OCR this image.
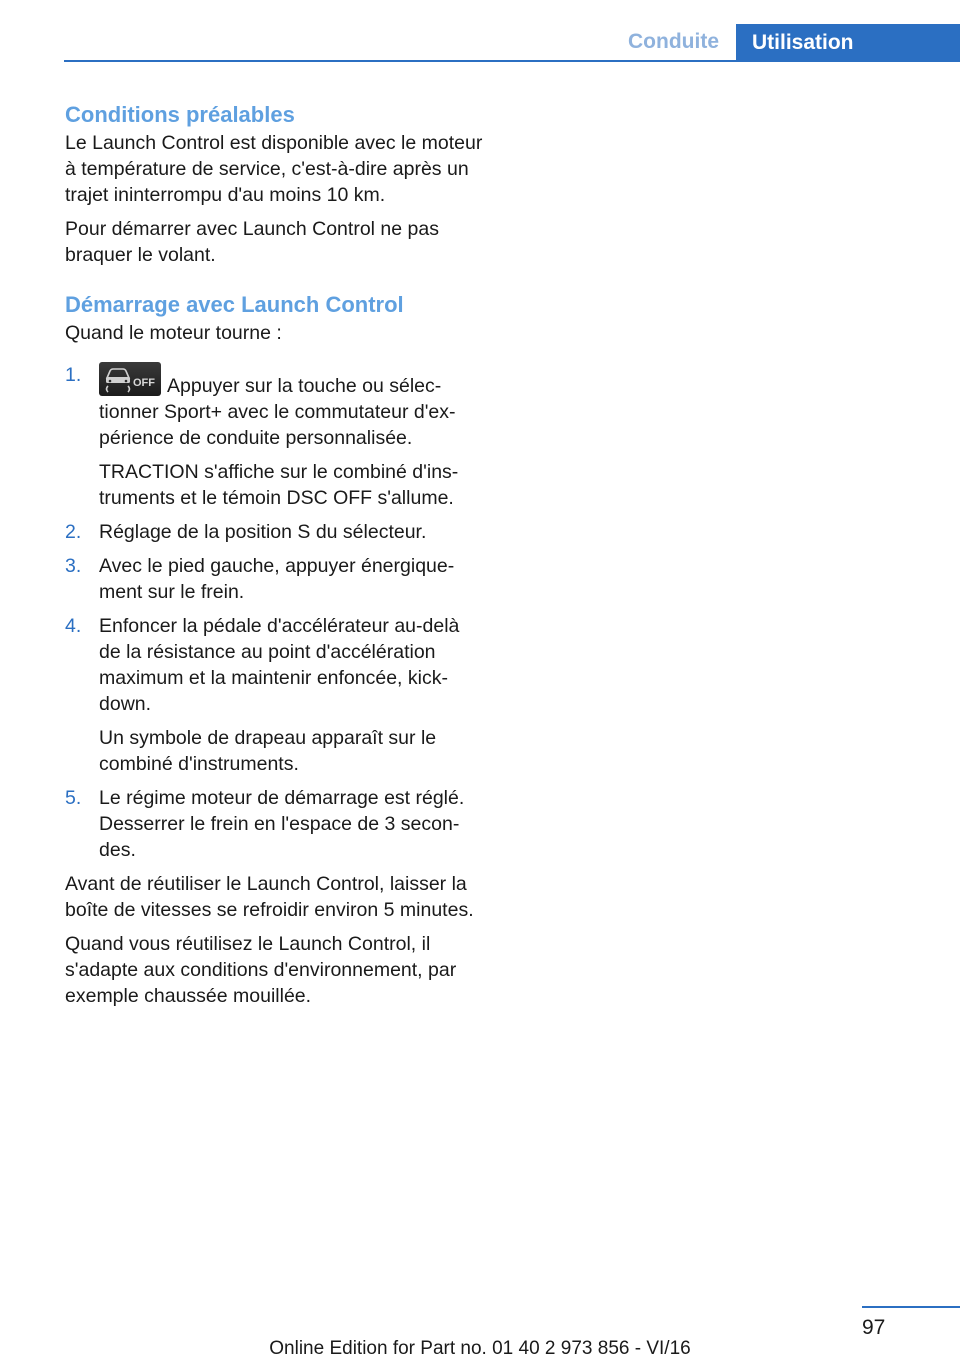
Conduite	Utilisation
Conditions préalables

Le Launch Control est disponible avec le moteur à température de service, c'est-à-dire après un trajet ininterrompu d'au moins 10 km.

Pour démarrer avec Launch Control ne pas braquer le volant.

Démarrage avec Launch Control

Quand le moteur tourne :

1.	OFF Appuyer sur la touche ou sélectionner Sport+ avec le commutateur d'expérience de conduite personnalisée.

TRACTION s'affiche sur le combiné d'instruments et le témoin DSC OFF s'allume.

2. Réglage de la position S du sélecteur.

3. Avec le pied gauche, appuyer énergiquement sur le frein.

4. Enfoncer la pédale d'accélérateur au-delà de la résistance au point d'accélération maximum et la maintenir enfoncée, kickdown.

Un symbole de drapeau apparaît sur le combiné d'instruments.

5. Le régime moteur de démarrage est réglé. Desserrer le frein en l'espace de 3 secondes.

Avant de réutiliser le Launch Control, laisser la boîte de vitesses se refroidir environ 5 minutes.

Quand vous réutilisez le Launch Control, il s'adapte aux conditions d'environnement, par exemple chaussée mouillée.

97
Online Edition for Part no. 01 40 2 973 856 - VI/16
